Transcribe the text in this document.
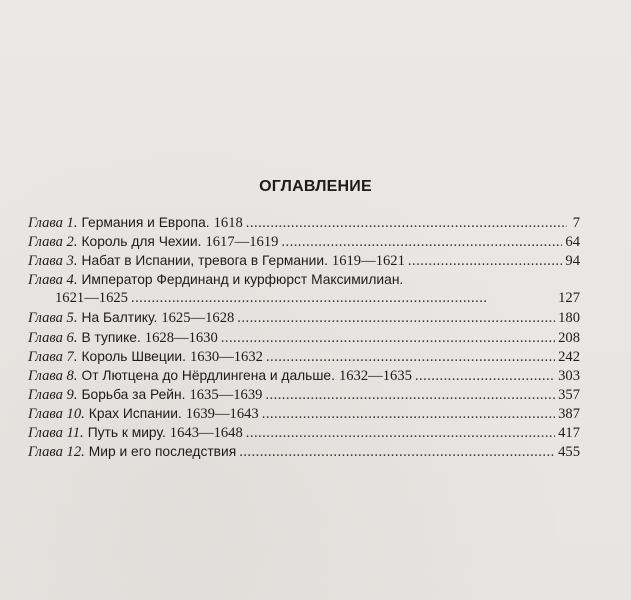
ОГЛАВЛЕНИЕ
Глава 1. Германия и Европа. 1618 . . .	7
Глава 2. Король для Чехии. 1617—1619 . . .	64
Глава 3. Набат в Испании, тревога в Германии. 1619—1621 . . .	94
Глава 4. Император Фердинанд и курфюрст Максимилиан.
1621—1625 . . .	127
Глава 5. На Балтику. 1625—1628 . . .	180
Глава 6. В тупике. 1628—1630 . . .	208
Глава 7. Король Швеции. 1630—1632 . . .	242
Глава 8. От Лютцена до Нёрдлингена и дальше. 1632—1635 . . .	303
Глава 9. Борьба за Рейн. 1635—1639 . . .	357
Глава 10. Крах Испании. 1639—1643 . . .	387
Глава 11. Путь к миру. 1643—1648 . . .	417
Глава 12. Мир и его последствия . . .	455
